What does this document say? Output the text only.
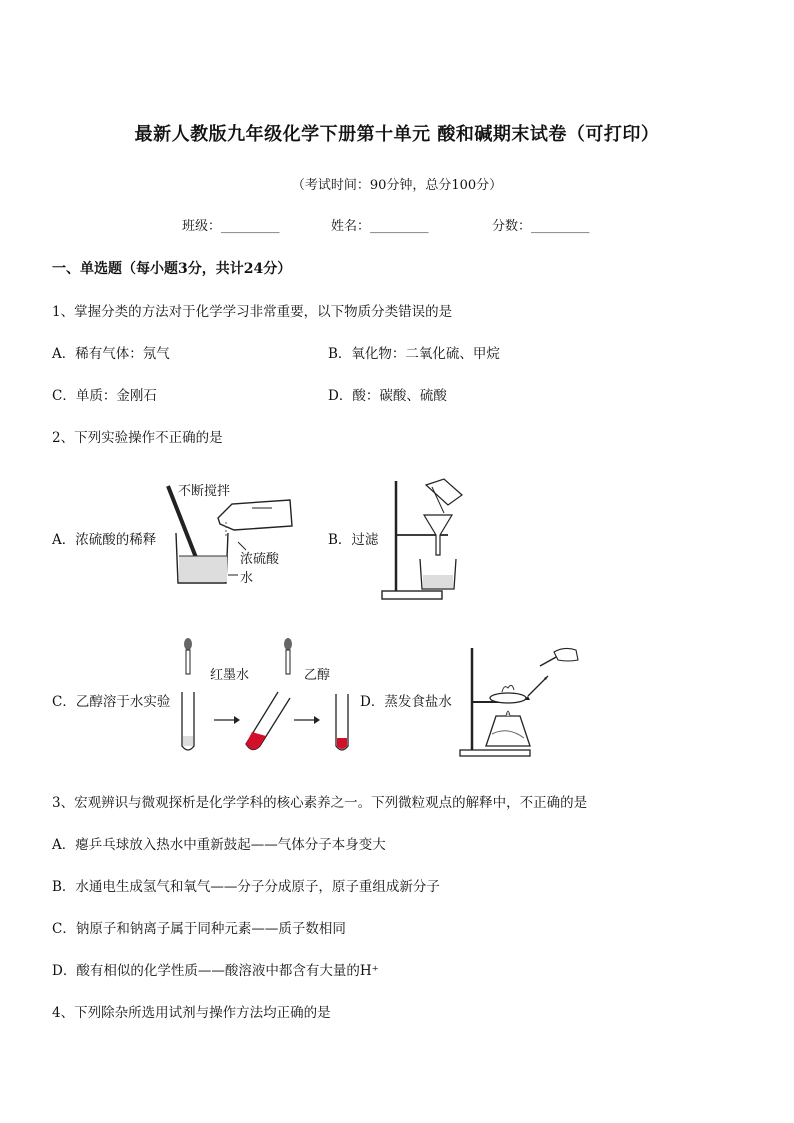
最新人教版九年级化学下册第十单元 酸和碱期末试卷（可打印）
（考试时间：90分钟，总分100分）
班级：_________	姓名：_________	分数：_________
一、单选题（每小题3分，共计24分）
1、掌握分类的方法对于化学学习非常重要，以下物质分类错误的是
A．稀有气体：氖气	B．氧化物：二氧化硫、甲烷
C．单质：金刚石	D．酸：碳酸、硫酸
2、下列实验操作不正确的是
A．浓硫酸的稀释	B．过滤
C．乙醇溶于水实验	D．蒸发食盐水
不断搅拌
浓硫酸
水
红墨水	乙醇
3、宏观辨识与微观探析是化学学科的核心素养之一。下列微粒观点的解释中，不正确的是
A．瘪乒乓球放入热水中重新鼓起——气体分子本身变大
B．水通电生成氢气和氧气——分子分成原子，原子重组成新分子
C．钠原子和钠离子属于同种元素——质子数相同
D．酸有相似的化学性质——酸溶液中都含有大量的H⁺
4、下列除杂所选用试剂与操作方法均正确的是
